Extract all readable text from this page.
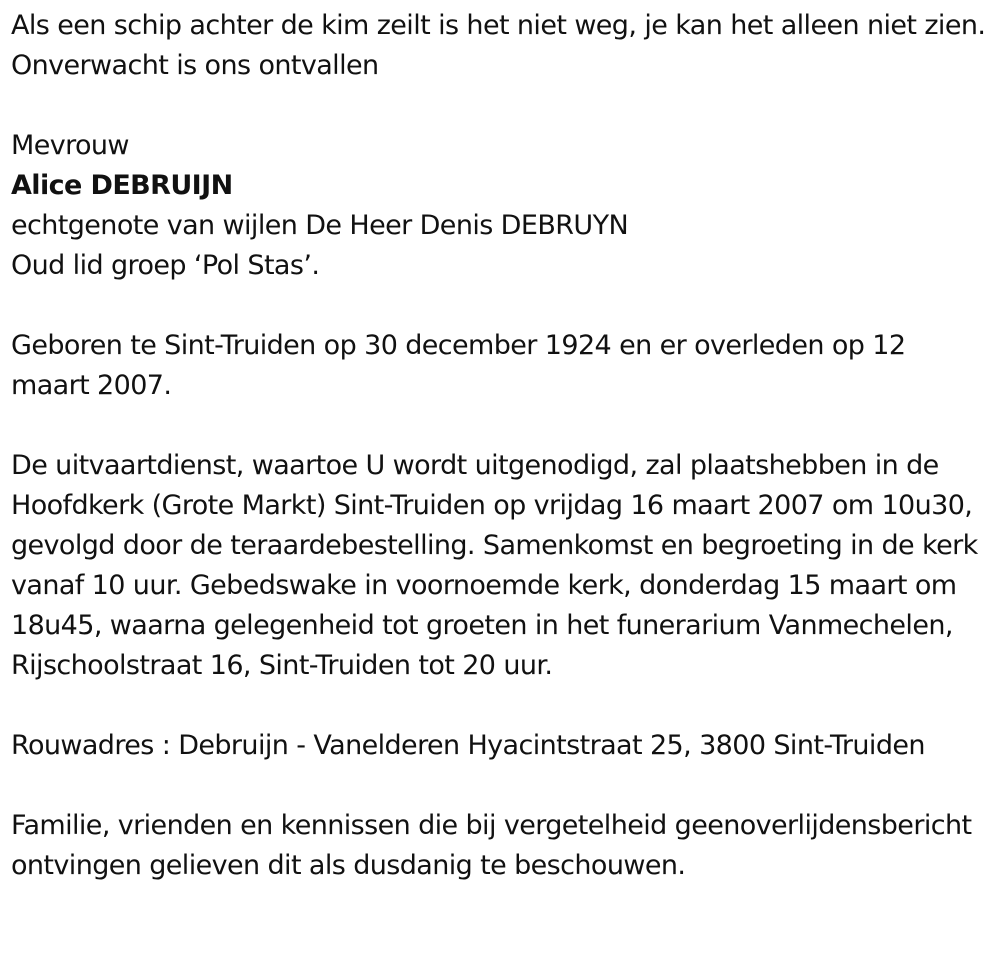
Als een schip achter de kim zeilt is het niet weg, je kan het alleen niet zien. Onverwacht is ons ontvallen

Mevrouw

Alice DEBRUIJN

echtgenote van wijlen De Heer Denis DEBRUYN

Oud lid groep ‘Pol Stas’.

Geboren te Sint-Truiden op 30 december 1924 en er overleden op 12 maart 2007.

De uitvaartdienst, waartoe U wordt uitgenodigd, zal plaatshebben in de Hoofdkerk (Grote Markt) Sint-Truiden op vrijdag 16 maart 2007 om 10u30, gevolgd door de teraardebestelling. Samenkomst en begroeting in de kerk vanaf 10 uur. Gebedswake in voornoemde kerk, donderdag 15 maart om 18u45, waarna gelegenheid tot groeten in het funerarium Vanmechelen, Rijschoolstraat 16, Sint-Truiden tot 20 uur.

Rouwadres : Debruijn - Vanelderen Hyacintstraat 25, 3800 Sint-Truiden

Familie, vrienden en kennissen die bij vergetelheid geenoverlijdensbericht ontvingen gelieven dit als dusdanig te beschouwen.
